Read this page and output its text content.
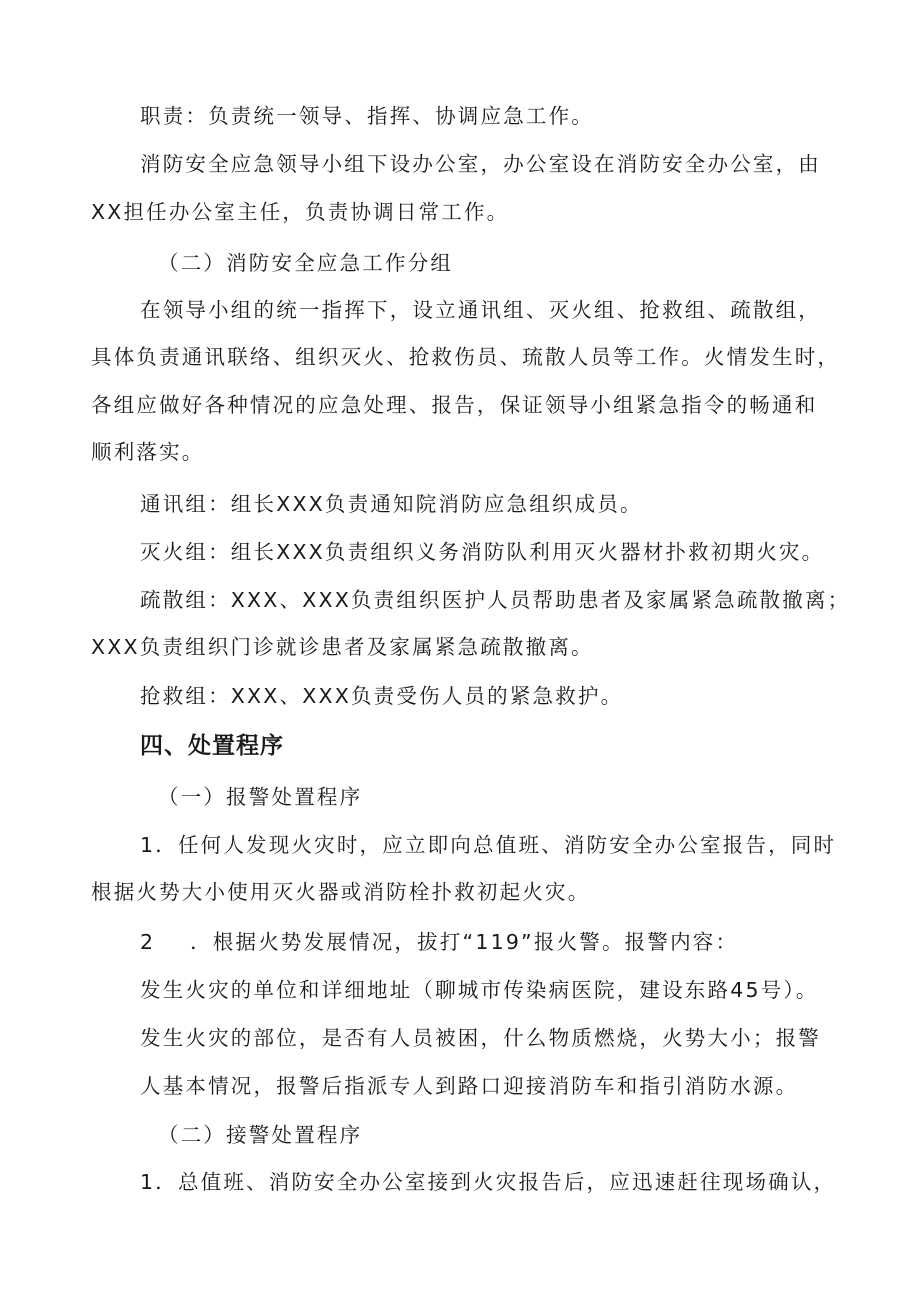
职责：负责统一领导、指挥、协调应急工作。
消防安全应急领导小组下设办公室，办公室设在消防安全办公室，由
XX担任办公室主任，负责协调日常工作。
（二）消防安全应急工作分组
在领导小组的统一指挥下，设立通讯组、灭火组、抢救组、疏散组，
具体负责通讯联络、组织灭火、抢救伤员、琉散人员等工作。火情发生时，
各组应做好各种情况的应急处理、报告，保证领导小组紧急指令的畅通和
顺利落实。
通讯组：组长XXX负责通知院消防应急组织成员。
灭火组：组长XXX负责组织义务消防队利用灭火器材扑救初期火灾。
疏散组：XXX、XXX负责组织医护人员帮助患者及家属紧急疏散撤离；
XXX负责组织门诊就诊患者及家属紧急疏散撤离。
抢救组：XXX、XXX负责受伤人员的紧急救护。
四、处置程序
（一）报警处置程序
1．任何人发现火灾时，应立即向总值班、消防安全办公室报告，同时
根据火势大小使用灭火器或消防栓扑救初起火灾。
2    ．根据火势发展情况，拔打“119”报火警。报警内容：
发生火灾的单位和详细地址（聊城市传染病医院，建设东路45号）。
发生火灾的部位，是否有人员被困，什么物质燃烧，火势大小；报警
人基本情况，报警后指派专人到路口迎接消防车和指引消防水源。
（二）接警处置程序
1．总值班、消防安全办公室接到火灾报告后，应迅速赶往现场确认，
